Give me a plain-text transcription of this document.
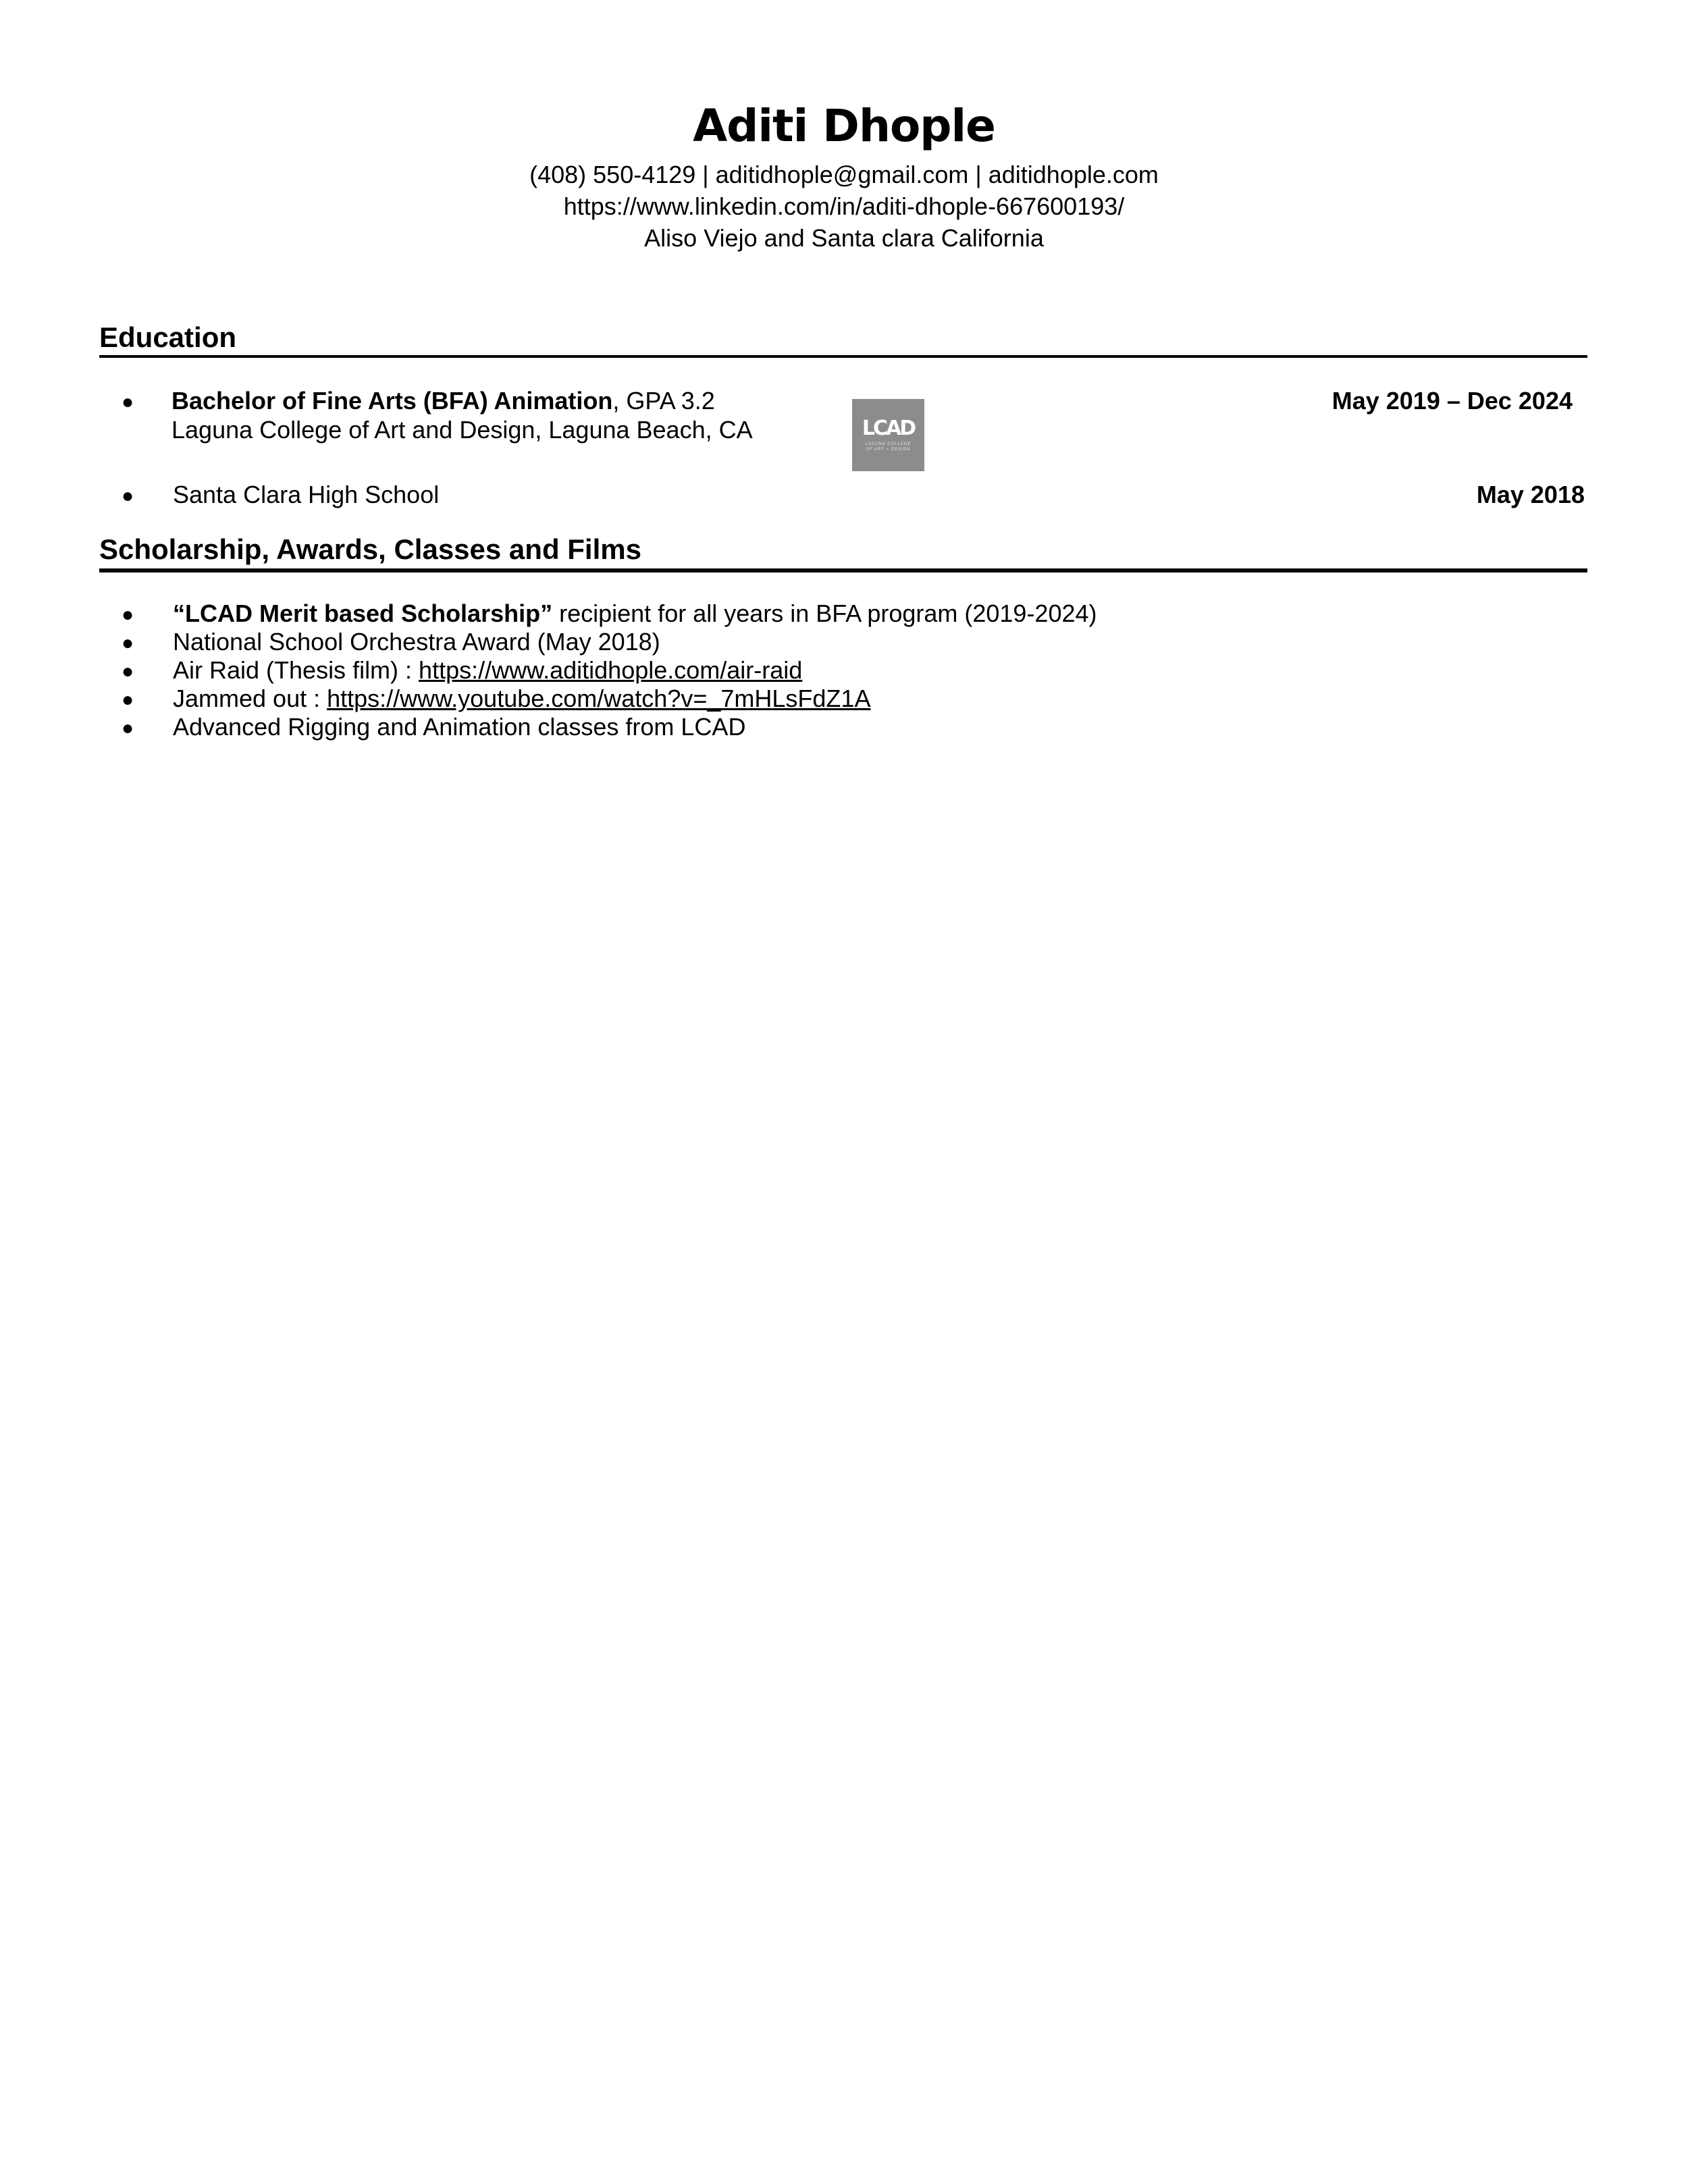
Aditi Dhople
(408) 550-4129 | aditidhople@gmail.com | aditidhople.com
https://www.linkedin.com/in/aditi-dhople-667600193/
Aliso Viejo and Santa clara California
Education
● Bachelor of Fine Arts (BFA) Animation, GPA 3.2
Laguna College of Art and Design, Laguna Beach, CA
May 2019 – Dec 2024
LCAD
LAGUNA COLLEGE OF ART + DESIGN
● Santa Clara High School	May 2018
Scholarship, Awards, Classes and Films
● “LCAD Merit based Scholarship” recipient for all years in BFA program (2019-2024)
● National School Orchestra Award (May 2018)
● Air Raid (Thesis film) : https://www.aditidhople.com/air-raid
● Jammed out : https://www.youtube.com/watch?v=_7mHLsFdZ1A
● Advanced Rigging and Animation classes from LCAD
